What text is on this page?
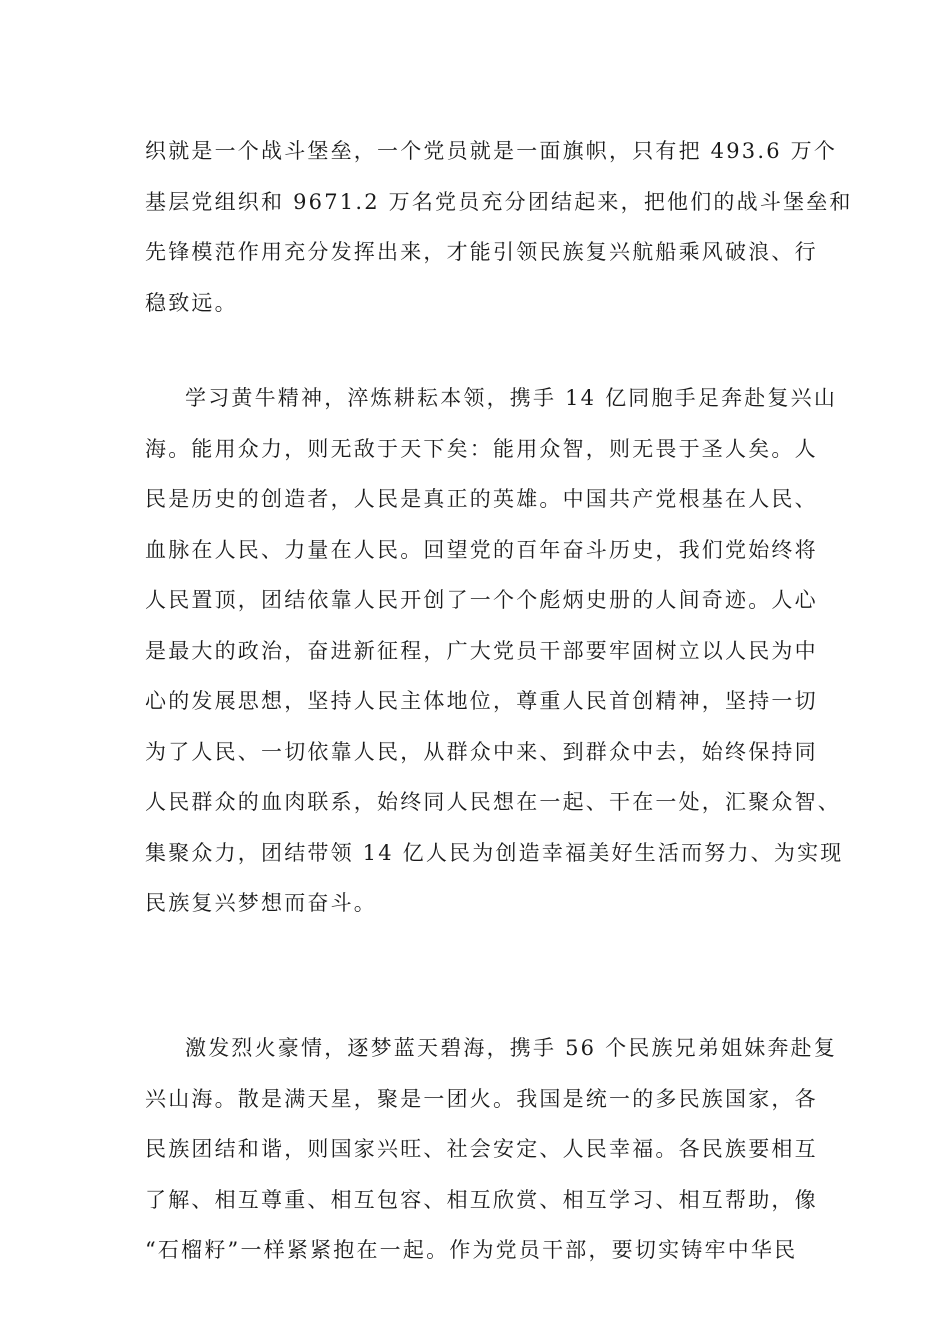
织就是一个战斗堡垒，一个党员就是一面旗帜，只有把 493.6 万个
基层党组织和 9671.2 万名党员充分团结起来，把他们的战斗堡垒和
先锋模范作用充分发挥出来，才能引领民族复兴航船乘风破浪、行
稳致远。
学习黄牛精神，淬炼耕耘本领，携手 14 亿同胞手足奔赴复兴山
海。能用众力，则无敌于天下矣：能用众智，则无畏于圣人矣。人
民是历史的创造者，人民是真正的英雄。中国共产党根基在人民、
血脉在人民、力量在人民。回望党的百年奋斗历史，我们党始终将
人民置顶，团结依靠人民开创了一个个彪炳史册的人间奇迹。人心
是最大的政治，奋进新征程，广大党员干部要牢固树立以人民为中
心的发展思想，坚持人民主体地位，尊重人民首创精神，坚持一切
为了人民、一切依靠人民，从群众中来、到群众中去，始终保持同
人民群众的血肉联系，始终同人民想在一起、干在一处，汇聚众智、
集聚众力，团结带领 14 亿人民为创造幸福美好生活而努力、为实现
民族复兴梦想而奋斗。
激发烈火豪情，逐梦蓝天碧海，携手 56 个民族兄弟姐妹奔赴复
兴山海。散是满天星，聚是一团火。我国是统一的多民族国家，各
民族团结和谐，则国家兴旺、社会安定、人民幸福。各民族要相互
了解、相互尊重、相互包容、相互欣赏、相互学习、相互帮助，像
“石榴籽”一样紧紧抱在一起。作为党员干部，要切实铸牢中华民
